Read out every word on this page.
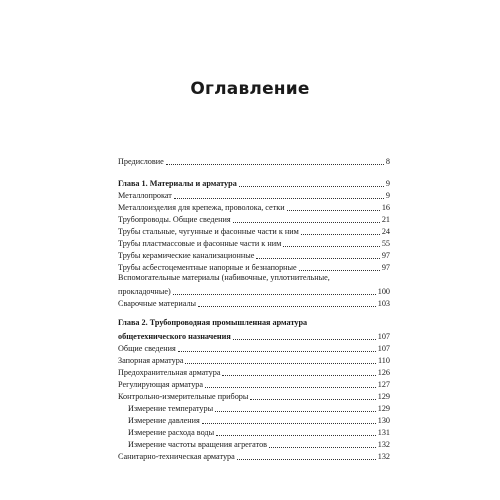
Оглавление
Предисловие	8
Глава 1. Материалы и арматура	9
Металлопрокат	9
Металлоизделия для крепежа, проволока, сетки	16
Трубопроводы. Общие сведения	21
Трубы стальные, чугунные и фасонные части к ним	24
Трубы пластмассовые и фасонные части к ним	55
Трубы керамические канализационные	97
Трубы асбестоцементные напорные и безнапорные	97
Вспомогательные материалы (набивочные, уплотнительные,
прокладочные)	100
Сварочные материалы	103
Глава 2. Трубопроводная промышленная арматура
общетехнического назначения	107
Общие сведения	107
Запорная арматура	110
Предохранительная арматура	126
Регулирующая арматура	127
Контрольно-измерительные приборы	129
Измерение температуры	129
Измерение давления	130
Измерение расхода воды	131
Измерение частоты вращения агрегатов	132
Санитарно-техническая арматура	132
